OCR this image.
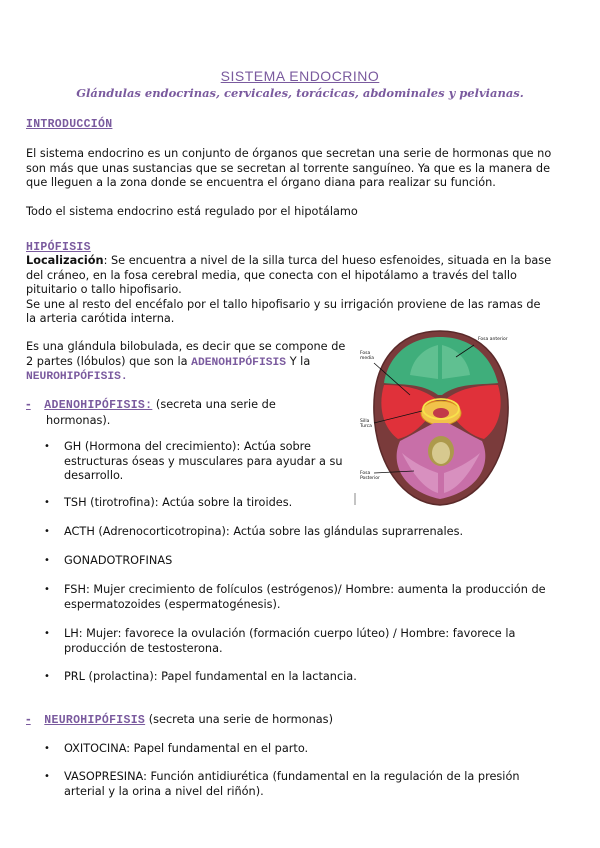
SISTEMA ENDOCRINO
Glándulas endocrinas, cervicales, torácicas, abdominales y pelvianas.
INTRODUCCIÓN
El sistema endocrino es un conjunto de órganos que secretan una serie de hormonas que no
son más que unas sustancias que se secretan al torrente sanguíneo. Ya que es la manera de
que lleguen a la zona donde se encuentra el órgano diana para realizar su función.
Todo el sistema endocrino está regulado por el hipotálamo
HIPÓFISIS
Localización: Se encuentra a nivel de la silla turca del hueso esfenoides, situada en la base
del cráneo, en la fosa cerebral media, que conecta con el hipotálamo a través del tallo
pituitario o tallo hipofisario.
Se une al resto del encéfalo por el tallo hipofisario y su irrigación proviene de las ramas de
la arteria carótida interna.
Es una glándula bilobulada, es decir que se compone de
2 partes (lóbulos) que son la ADENOHIPÓFISIS Y la
NEUROHIPÓFISIS.
Fosa anterior
Fosa media
Silla Turca
Fosa Posterior
- ADENOHIPÓFISIS: (secreta una serie de
hormonas).
• GH (Hormona del crecimiento): Actúa sobre
estructuras óseas y musculares para ayudar a su
desarrollo.
• TSH (tirotrofina): Actúa sobre la tiroides.
• ACTH (Adrenocorticotropina): Actúa sobre las glándulas suprarrenales.
• GONADOTROFINAS
• FSH: Mujer crecimiento de folículos (estrógenos)/ Hombre: aumenta la producción de
espermatozoides (espermatogénesis).
• LH: Mujer: favorece la ovulación (formación cuerpo lúteo) / Hombre: favorece la
producción de testosterona.
• PRL (prolactina): Papel fundamental en la lactancia.
- NEUROHIPÓFISIS (secreta una serie de hormonas)
• OXITOCINA: Papel fundamental en el parto.
• VASOPRESINA: Función antidiurética (fundamental en la regulación de la presión
arterial y la orina a nivel del riñón).
